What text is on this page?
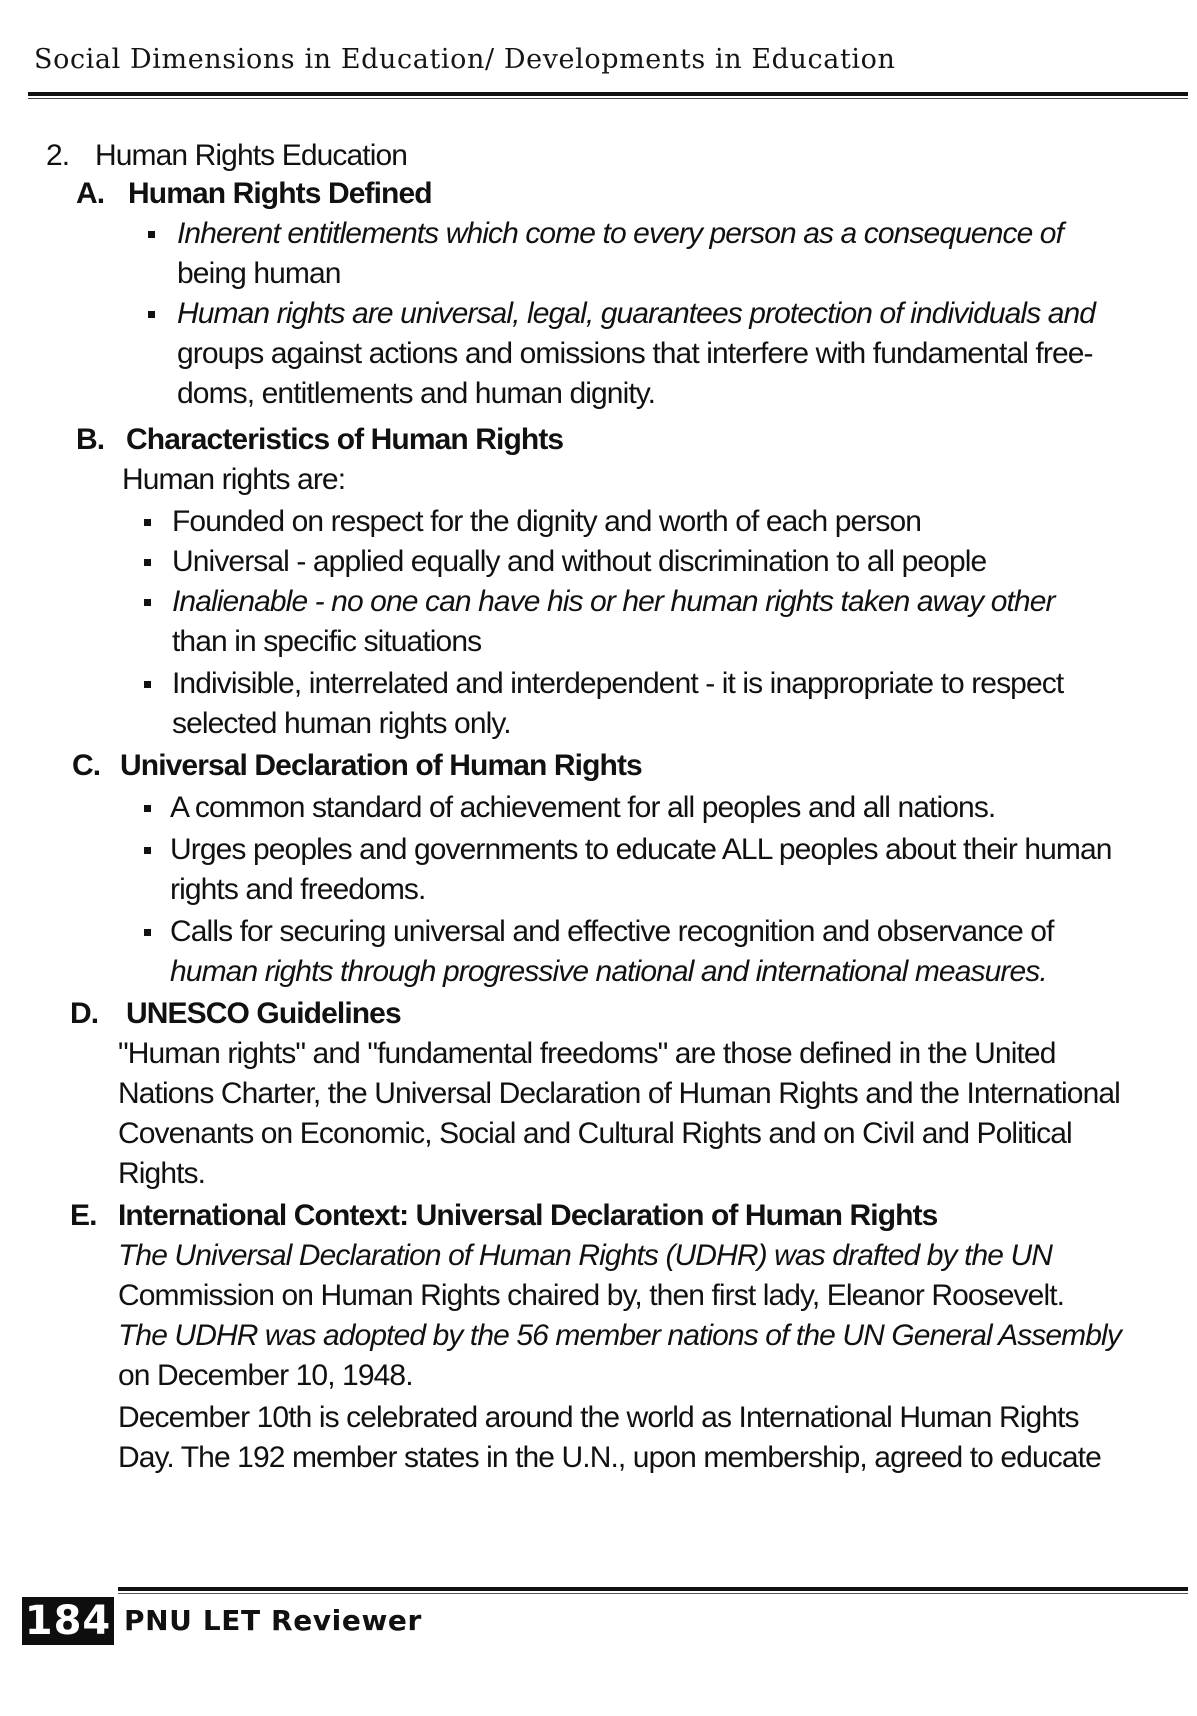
Social Dimensions in Education/ Developments in Education
2. Human Rights Education
A. Human Rights Defined
Inherent entitlements which come to every person as a consequence of
being human
Human rights are universal, legal, guarantees protection of individuals and
groups against actions and omissions that interfere with fundamental free-
doms, entitlements and human dignity.
B. Characteristics of Human Rights
Human rights are:
Founded on respect for the dignity and worth of each person
Universal - applied equally and without discrimination to all people
Inalienable - no one can have his or her human rights taken away other
than in specific situations
Indivisible, interrelated and interdependent - it is inappropriate to respect
selected human rights only.
C. Universal Declaration of Human Rights
A common standard of achievement for all peoples and all nations.
Urges peoples and governments to educate ALL peoples about their human
rights and freedoms.
Calls for securing universal and effective recognition and observance of
human rights through progressive national and international measures.
D. UNESCO Guidelines
"Human rights" and "fundamental freedoms" are those defined in the United
Nations Charter, the Universal Declaration of Human Rights and the International
Covenants on Economic, Social and Cultural Rights and on Civil and Political
Rights.
E. International Context: Universal Declaration of Human Rights
The Universal Declaration of Human Rights (UDHR) was drafted by the UN
Commission on Human Rights chaired by, then first lady, Eleanor Roosevelt.
The UDHR was adopted by the 56 member nations of the UN General Assembly
on December 10, 1948.
December 10th is celebrated around the world as International Human Rights
Day. The 192 member states in the U.N., upon membership, agreed to educate
184 PNU LET Reviewer
